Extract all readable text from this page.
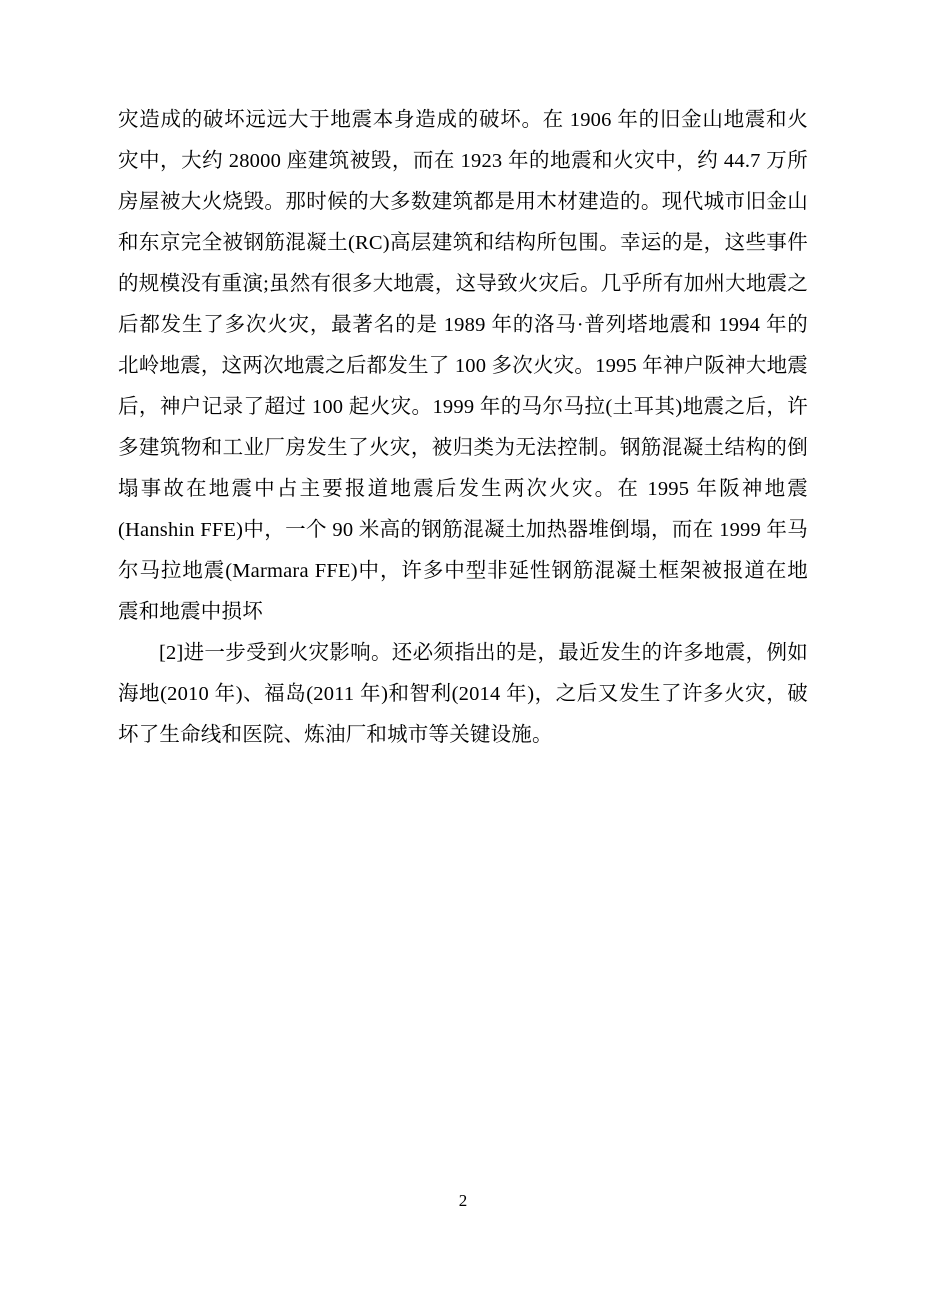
灾造成的破坏远远大于地震本身造成的破坏。在 1906 年的旧金山地震和火灾中，大约 28000 座建筑被毁，而在 1923 年的地震和火灾中，约 44.7 万所房屋被大火烧毁。那时候的大多数建筑都是用木材建造的。现代城市旧金山和东京完全被钢筋混凝土(RC)高层建筑和结构所包围。幸运的是，这些事件的规模没有重演;虽然有很多大地震，这导致火灾后。几乎所有加州大地震之后都发生了多次火灾，最著名的是 1989 年的洛马·普列塔地震和 1994 年的北岭地震，这两次地震之后都发生了 100 多次火灾。1995 年神户阪神大地震后，神户记录了超过 100 起火灾。1999 年的马尔马拉(土耳其)地震之后，许多建筑物和工业厂房发生了火灾，被归类为无法控制。钢筋混凝土结构的倒塌事故在地震中占主要报道地震后发生两次火灾。在 1995 年阪神地震(Hanshin FFE)中，一个 90 米高的钢筋混凝土加热器堆倒塌，而在 1999 年马尔马拉地震(Marmara FFE)中，许多中型非延性钢筋混凝土框架被报道在地震和地震中损坏

[2]进一步受到火灾影响。还必须指出的是，最近发生的许多地震，例如海地(2010 年)、福岛(2011 年)和智利(2014 年)，之后又发生了许多火灾，破坏了生命线和医院、炼油厂和城市等关键设施。

2
